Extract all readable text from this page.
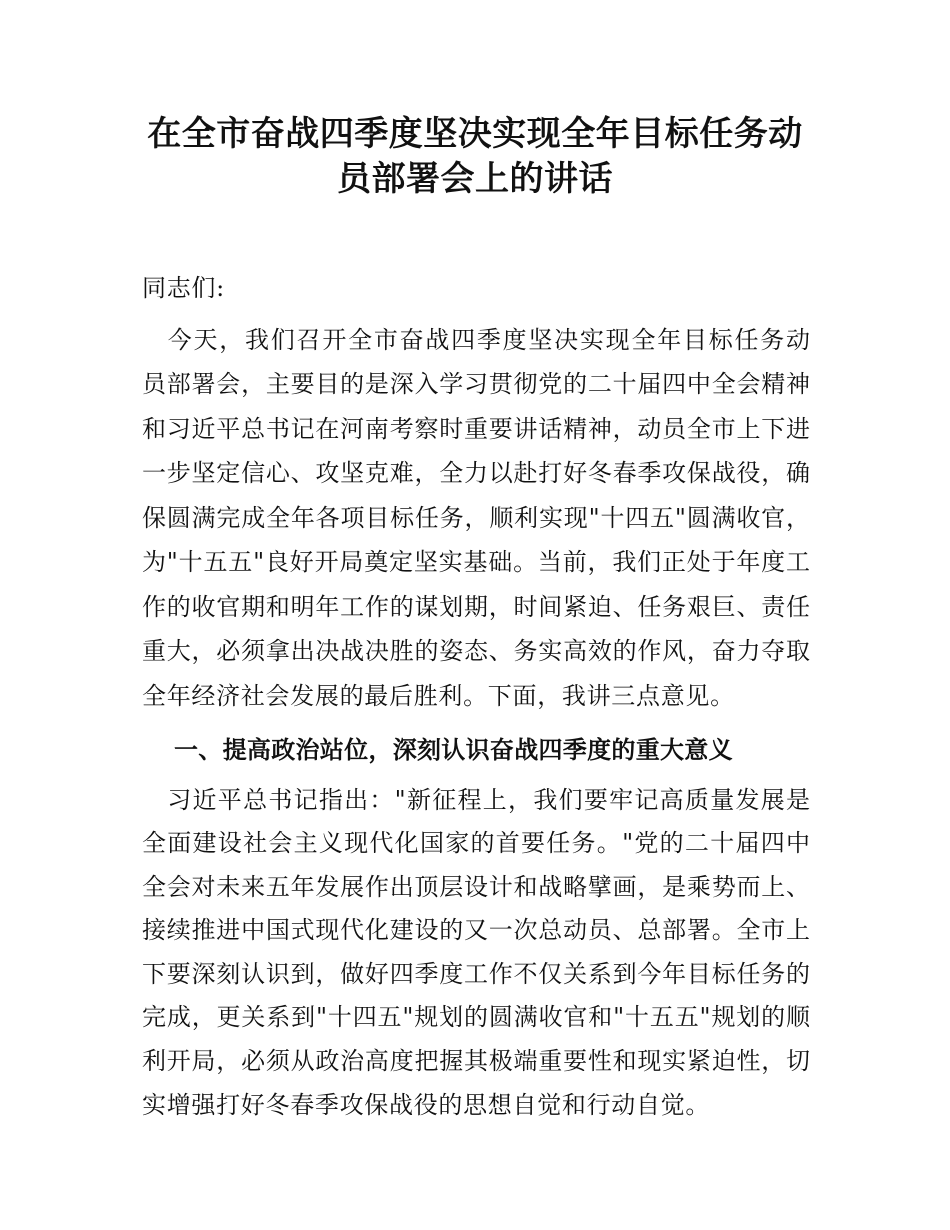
在全市奋战四季度坚决实现全年目标任务动
员部署会上的讲话
同志们:
　今天，我们召开全市奋战四季度坚决实现全年目标任务动
员部署会，主要目的是深入学习贯彻党的二十届四中全会精神
和习近平总书记在河南考察时重要讲话精神，动员全市上下进
一步坚定信心、攻坚克难，全力以赴打好冬春季攻保战役，确
保圆满完成全年各项目标任务，顺利实现"十四五"圆满收官，
为"十五五"良好开局奠定坚实基础。当前，我们正处于年度工
作的收官期和明年工作的谋划期，时间紧迫、任务艰巨、责任
重大，必须拿出决战决胜的姿态、务实高效的作风，奋力夺取
全年经济社会发展的最后胜利。下面，我讲三点意见。
一、提高政治站位，深刻认识奋战四季度的重大意义
　习近平总书记指出："新征程上，我们要牢记高质量发展是
全面建设社会主义现代化国家的首要任务。"党的二十届四中
全会对未来五年发展作出顶层设计和战略擘画，是乘势而上、
接续推进中国式现代化建设的又一次总动员、总部署。全市上
下要深刻认识到，做好四季度工作不仅关系到今年目标任务的
完成，更关系到"十四五"规划的圆满收官和"十五五"规划的顺
利开局，必须从政治高度把握其极端重要性和现实紧迫性，切
实增强打好冬春季攻保战役的思想自觉和行动自觉。
